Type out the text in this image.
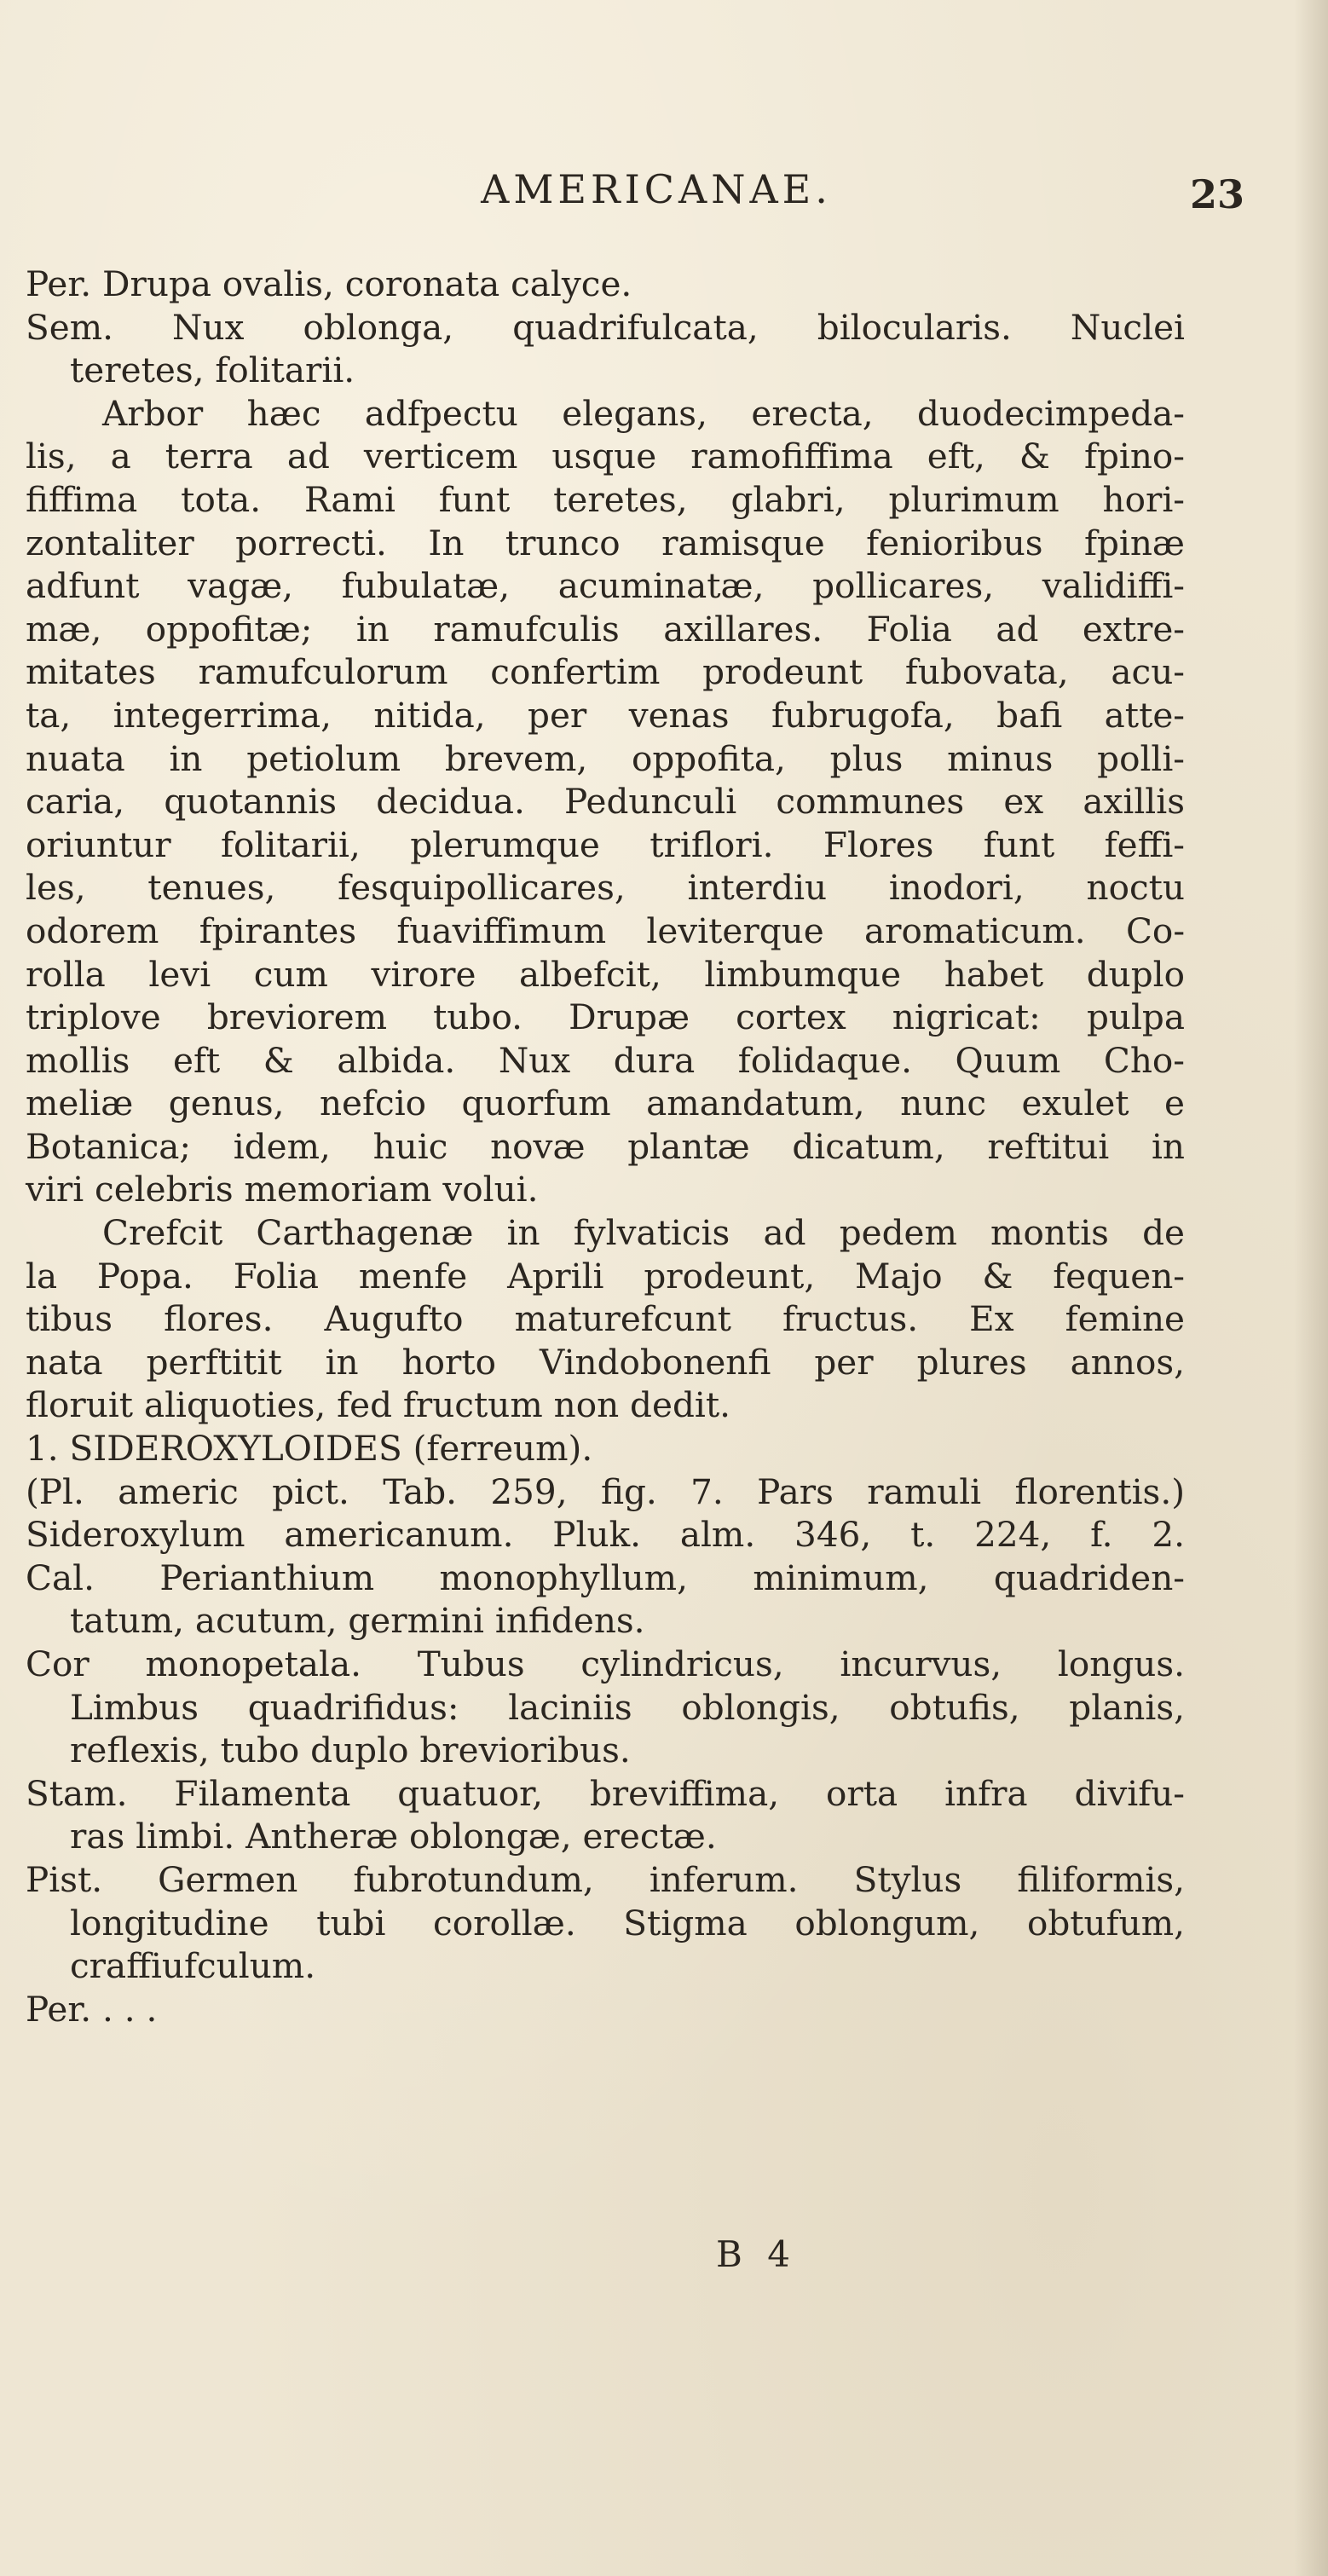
AMERICANAE.	23
Per. Drupa ovalis, coronata calyce.
Sem. Nux oblonga, quadrifulcata, bilocularis. Nuclei
teretes, folitarii.
Arbor hæc adfpectu elegans, erecta, duodecimpeda-
lis, a terra ad verticem usque ramofiffima eft, & fpino-
fiffima tota. Rami funt teretes, glabri, plurimum hori-
zontaliter porrecti. In trunco ramisque fenioribus fpinæ
adfunt vagæ, fubulatæ, acuminatæ, pollicares, validiffi-
mæ, oppofitæ; in ramufculis axillares. Folia ad extre-
mitates ramufculorum confertim prodeunt fubovata, acu-
ta, integerrima, nitida, per venas fubrugofa, bafi atte-
nuata in petiolum brevem, oppofita, plus minus polli-
caria, quotannis decidua. Pedunculi communes ex axillis
oriuntur folitarii, plerumque triflori. Flores funt feffi-
les, tenues, fesquipollicares, interdiu inodori, noctu
odorem fpirantes fuaviffimum leviterque aromaticum. Co-
rolla levi cum virore albefcit, limbumque habet duplo
triplove breviorem tubo. Drupæ cortex nigricat: pulpa
mollis eft & albida. Nux dura folidaque. Quum Cho-
meliæ genus, nefcio quorfum amandatum, nunc exulet e
Botanica; idem, huic novæ plantæ dicatum, reftitui in
viri celebris memoriam volui.
Crefcit Carthagenæ in fylvaticis ad pedem montis de
la Popa. Folia menfe Aprili prodeunt, Majo & fequen-
tibus flores. Augufto maturefcunt fructus. Ex femine
nata perftitit in horto Vindobonenfi per plures annos,
floruit aliquoties, fed fructum non dedit.
1. SIDEROXYLOIDES (ferreum).
(Pl. americ pict. Tab. 259, fig. 7. Pars ramuli florentis.)
Sideroxylum americanum. Pluk. alm. 346, t. 224, f. 2.
Cal. Perianthium monophyllum, minimum, quadriden-
tatum, acutum, germini infidens.
Cor monopetala. Tubus cylindricus, incurvus, longus.
Limbus quadrifidus: laciniis oblongis, obtufis, planis,
reflexis, tubo duplo brevioribus.
Stam. Filamenta quatuor, breviffima, orta infra divifu-
ras limbi. Antheræ oblongæ, erectæ.
Pist. Germen fubrotundum, inferum. Stylus filiformis,
longitudine tubi corollæ. Stigma oblongum, obtufum,
craffiufculum.
Per. . . .
B 4
